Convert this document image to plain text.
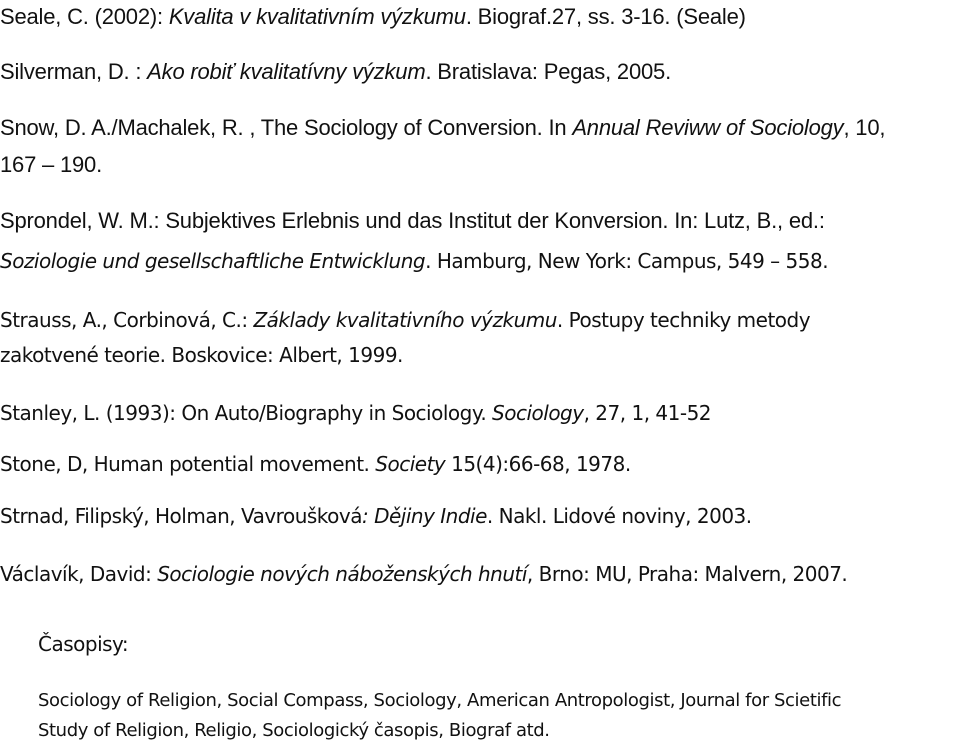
Seale, C. (2002): Kvalita v kvalitativním výzkumu. Biograf.27, ss. 3-16. (Seale)
Silverman, D. : Ako robiť kvalitatívny výzkum. Bratislava: Pegas, 2005.
Snow, D. A./Machalek, R. , The Sociology of Conversion. In Annual Reviww of Sociology, 10,
167 – 190.
Sprondel, W. M.: Subjektives Erlebnis und das Institut der Konversion. In: Lutz, B., ed.:
Soziologie und gesellschaftliche Entwicklung. Hamburg, New York: Campus, 549 – 558.
Strauss, A., Corbinová, C.: Základy kvalitativního výzkumu. Postupy techniky metody
zakotvené teorie. Boskovice: Albert, 1999.
Stanley, L. (1993): On Auto/Biography in Sociology. Sociology, 27, 1, 41-52
Stone, D, Human potential movement. Society 15(4):66-68, 1978.
Strnad, Filipský, Holman, Vavroušková: Dějiny Indie. Nakl. Lidové noviny, 2003.
Václavík, David: Sociologie nových náboženských hnutí, Brno: MU, Praha: Malvern, 2007.
Časopisy:
Sociology of Religion, Social Compass, Sociology, American Antropologist, Journal for Scietific
Study of Religion, Religio, Sociologický časopis, Biograf atd.
